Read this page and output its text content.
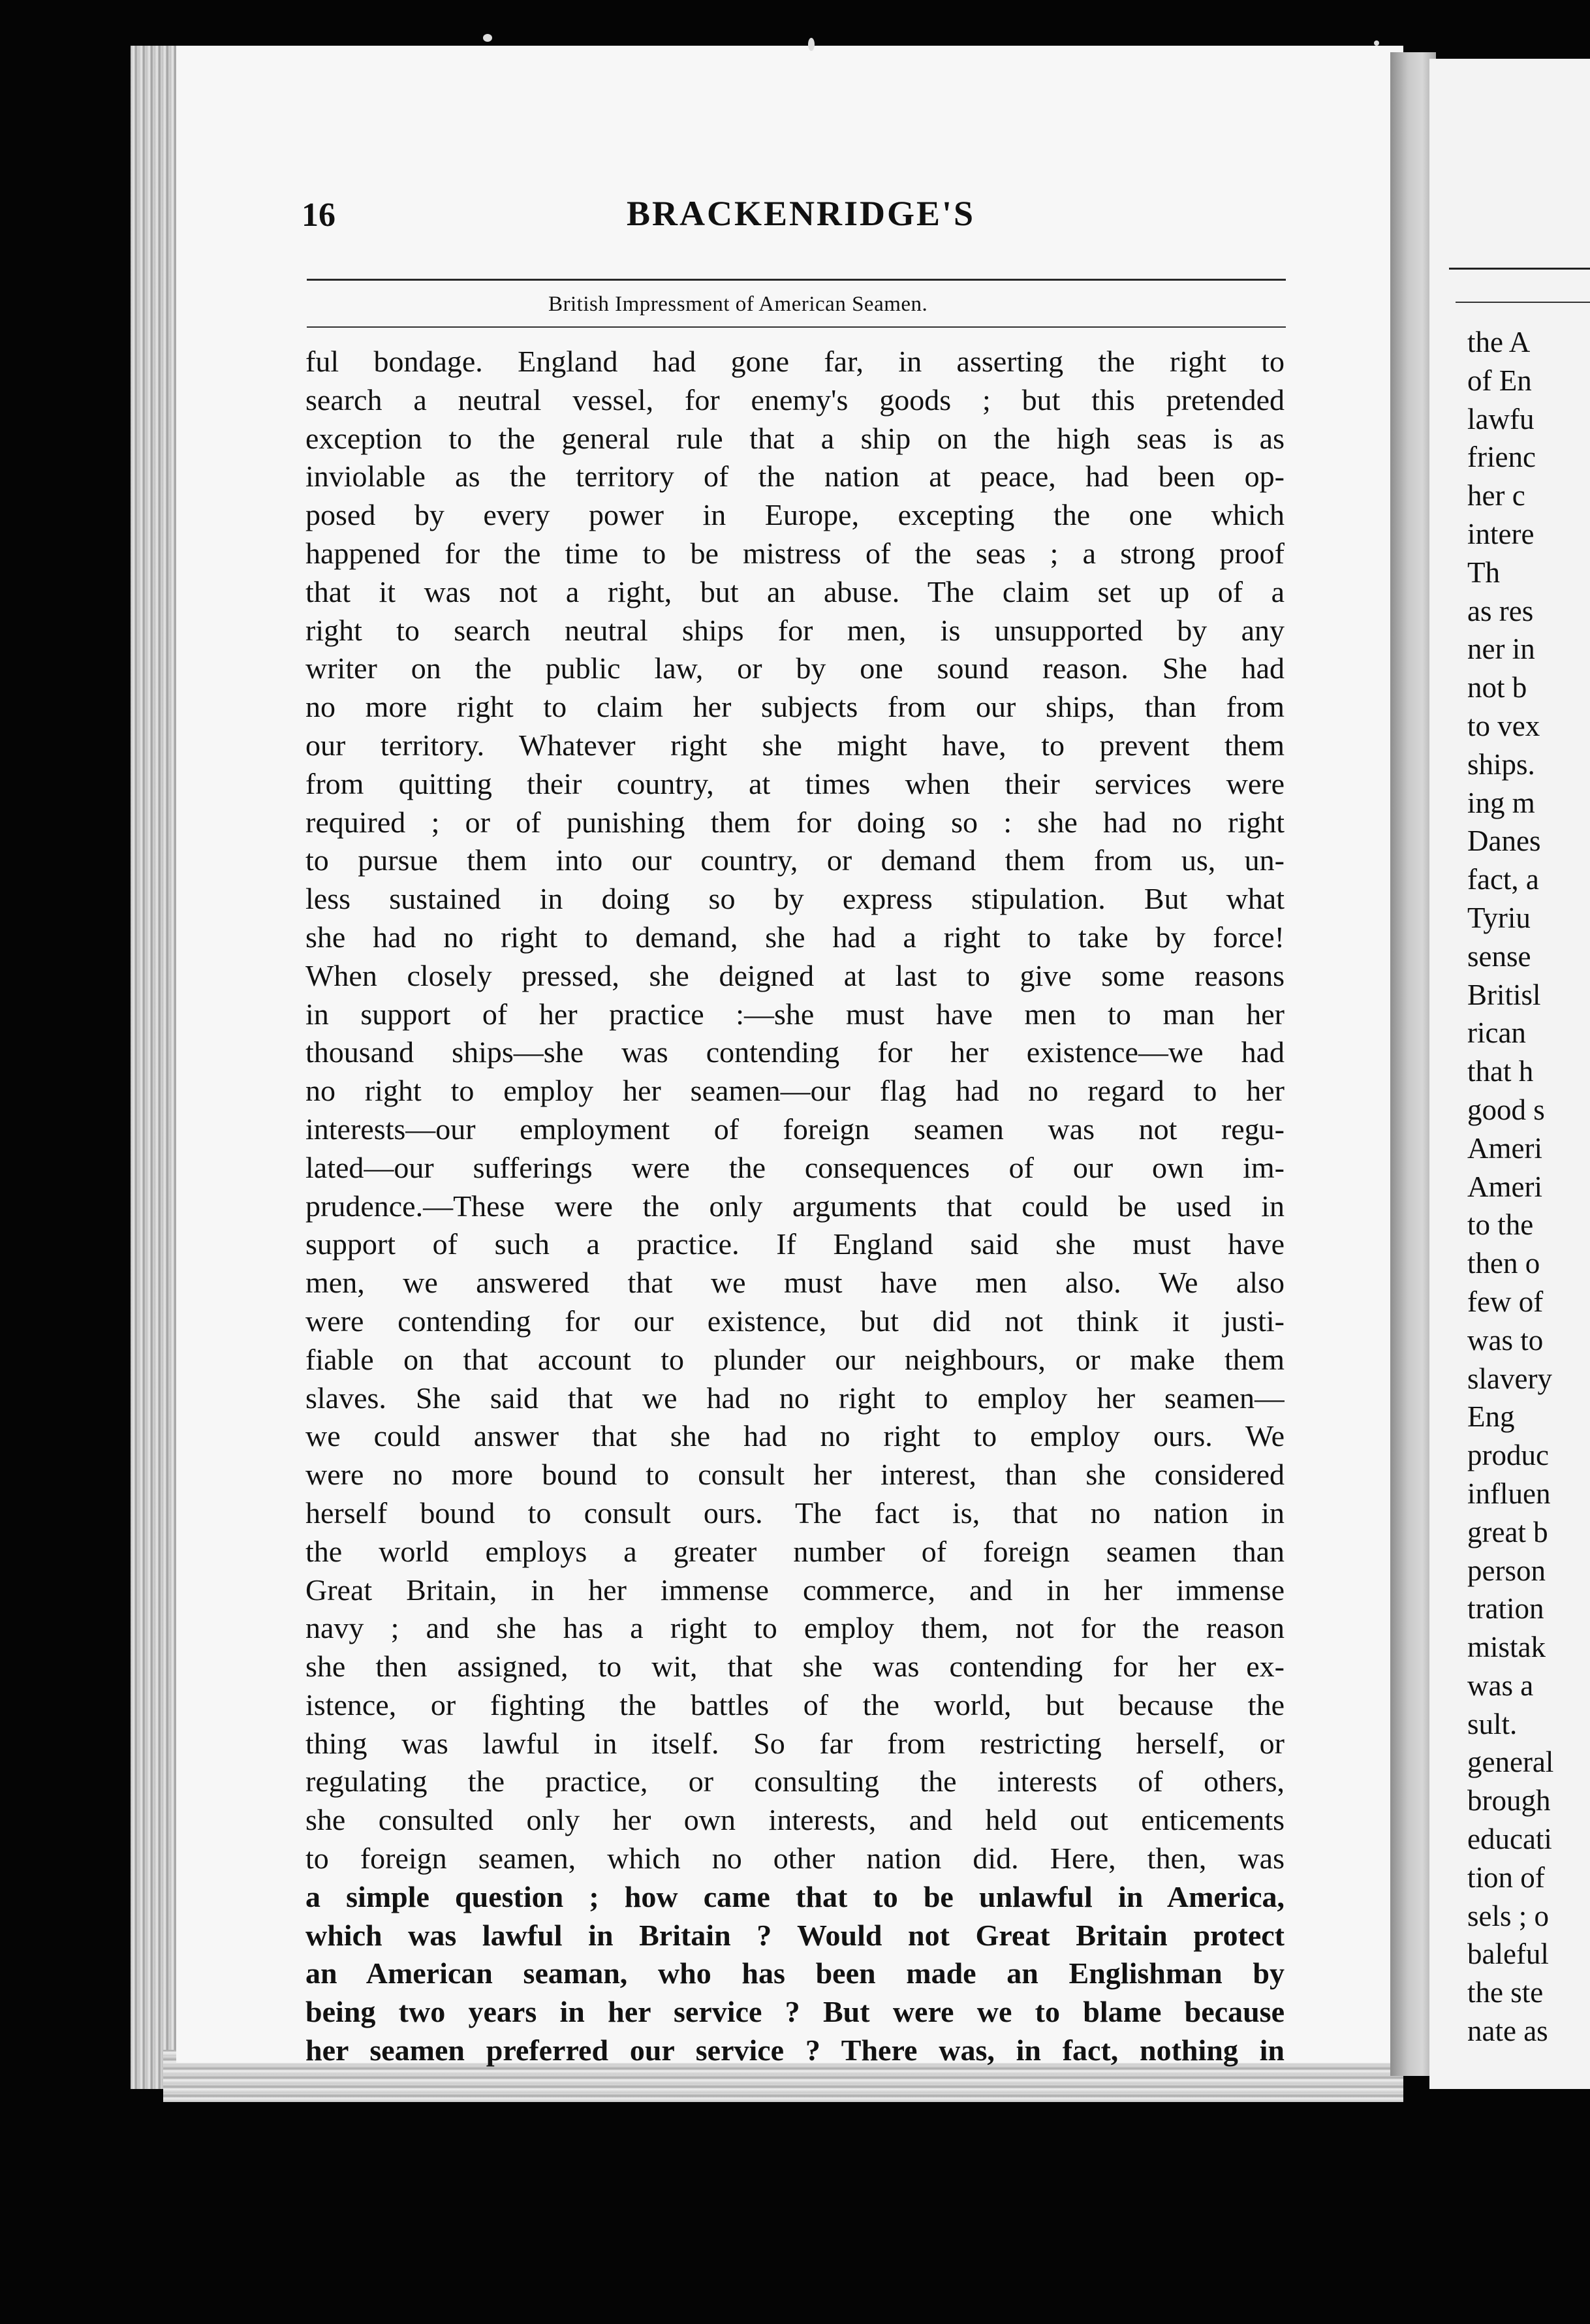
the A
of En
lawfu
frienc
her c
intere
Th
as res
ner in
not b
to vex
ships.
ing m
Danes
fact, a
Tyriu
sense
Britisl
rican
that h
good s
Ameri
Ameri
to the
then o
few of
was to
slavery
Eng
produc
influen
great b
person
tration
mistak
was a
sult.
general
brough
educati
tion of
sels ; o
baleful
the ste
nate as
16	BRACKENRIDGE'S
British Impressment of American Seamen.
ful bondage. England had gone far, in asserting the right to
search a neutral vessel, for enemy's goods ; but this pretended
exception to the general rule that a ship on the high seas is as
inviolable as the territory of the nation at peace, had been op-
posed by every power in Europe, excepting the one which
happened for the time to be mistress of the seas ; a strong proof
that it was not a right, but an abuse. The claim set up of a
right to search neutral ships for men, is unsupported by any
writer on the public law, or by one sound reason. She had
no more right to claim her subjects from our ships, than from
our territory. Whatever right she might have, to prevent them
from quitting their country, at times when their services were
required ; or of punishing them for doing so : she had no right
to pursue them into our country, or demand them from us, un-
less sustained in doing so by express stipulation. But what
she had no right to demand, she had a right to take by force!
When closely pressed, she deigned at last to give some reasons
in support of her practice :—she must have men to man her
thousand ships—she was contending for her existence—we had
no right to employ her seamen—our flag had no regard to her
interests—our employment of foreign seamen was not regu-
lated—our sufferings were the consequences of our own im-
prudence.—These were the only arguments that could be used in
support of such a practice. If England said she must have
men, we answered that we must have men also. We also
were contending for our existence, but did not think it justi-
fiable on that account to plunder our neighbours, or make them
slaves. She said that we had no right to employ her seamen—
we could answer that she had no right to employ ours. We
were no more bound to consult her interest, than she considered
herself bound to consult ours. The fact is, that no nation in
the world employs a greater number of foreign seamen than
Great Britain, in her immense commerce, and in her immense
navy ; and she has a right to employ them, not for the reason
she then assigned, to wit, that she was contending for her ex-
istence, or fighting the battles of the world, but because the
thing was lawful in itself. So far from restricting herself, or
regulating the practice, or consulting the interests of others,
she consulted only her own interests, and held out enticements
to foreign seamen, which no other nation did. Here, then, was
a simple question ; how came that to be unlawful in America,
which was lawful in Britain ? Would not Great Britain protect
an American seaman, who has been made an Englishman by
being two years in her service ? But were we to blame because
her seamen preferred our service ? There was, in fact, nothing in
